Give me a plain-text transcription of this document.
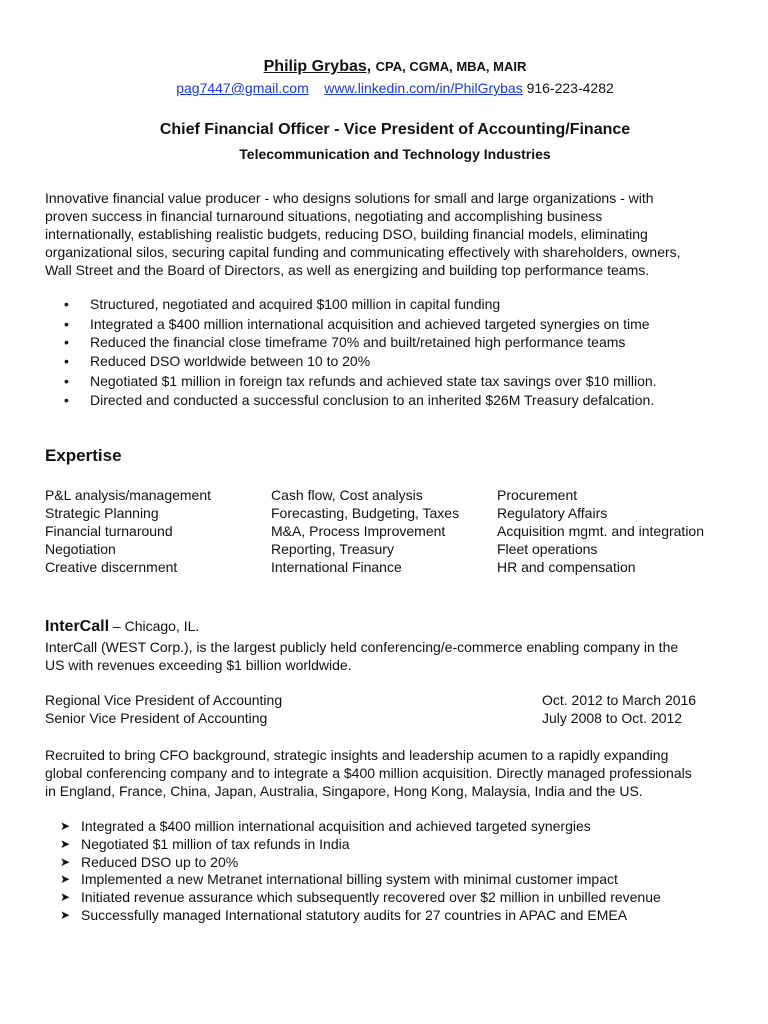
Philip Grybas, CPA, CGMA, MBA, MAIR
pag7447@gmail.com www.linkedin.com/in/PhilGrybas 916-223-4282
Chief Financial Officer - Vice President of Accounting/Finance
Telecommunication and Technology Industries
Innovative financial value producer - who designs solutions for small and large organizations - with
proven success in financial turnaround situations, negotiating and accomplishing business
internationally, establishing realistic budgets, reducing DSO, building financial models, eliminating
organizational silos, securing capital funding and communicating effectively with shareholders, owners,
Wall Street and the Board of Directors, as well as energizing and building top performance teams.
• Structured, negotiated and acquired $100 million in capital funding
• Integrated a $400 million international acquisition and achieved targeted synergies on time
• Reduced the financial close timeframe 70% and built/retained high performance teams
• Reduced DSO worldwide between 10 to 20%
• Negotiated $1 million in foreign tax refunds and achieved state tax savings over $10 million.
• Directed and conducted a successful conclusion to an inherited $26M Treasury defalcation.
Expertise
P&L analysis/management
Strategic Planning
Financial turnaround
Negotiation
Creative discernment
Cash flow, Cost analysis
Forecasting, Budgeting, Taxes
M&A, Process Improvement
Reporting, Treasury
International Finance
Procurement
Regulatory Affairs
Acquisition mgmt. and integration
Fleet operations
HR and compensation
InterCall – Chicago, IL.
InterCall (WEST Corp.), is the largest publicly held conferencing/e-commerce enabling company in the
US with revenues exceeding $1 billion worldwide.
Regional Vice President of Accounting	Oct. 2012 to March 2016
Senior Vice President of Accounting	July 2008 to Oct. 2012
Recruited to bring CFO background, strategic insights and leadership acumen to a rapidly expanding
global conferencing company and to integrate a $400 million acquisition. Directly managed professionals
in England, France, China, Japan, Australia, Singapore, Hong Kong, Malaysia, India and the US.
➤ Integrated a $400 million international acquisition and achieved targeted synergies
➤ Negotiated $1 million of tax refunds in India
➤ Reduced DSO up to 20%
➤ Implemented a new Metranet international billing system with minimal customer impact
➤ Initiated revenue assurance which subsequently recovered over $2 million in unbilled revenue
➤ Successfully managed International statutory audits for 27 countries in APAC and EMEA
